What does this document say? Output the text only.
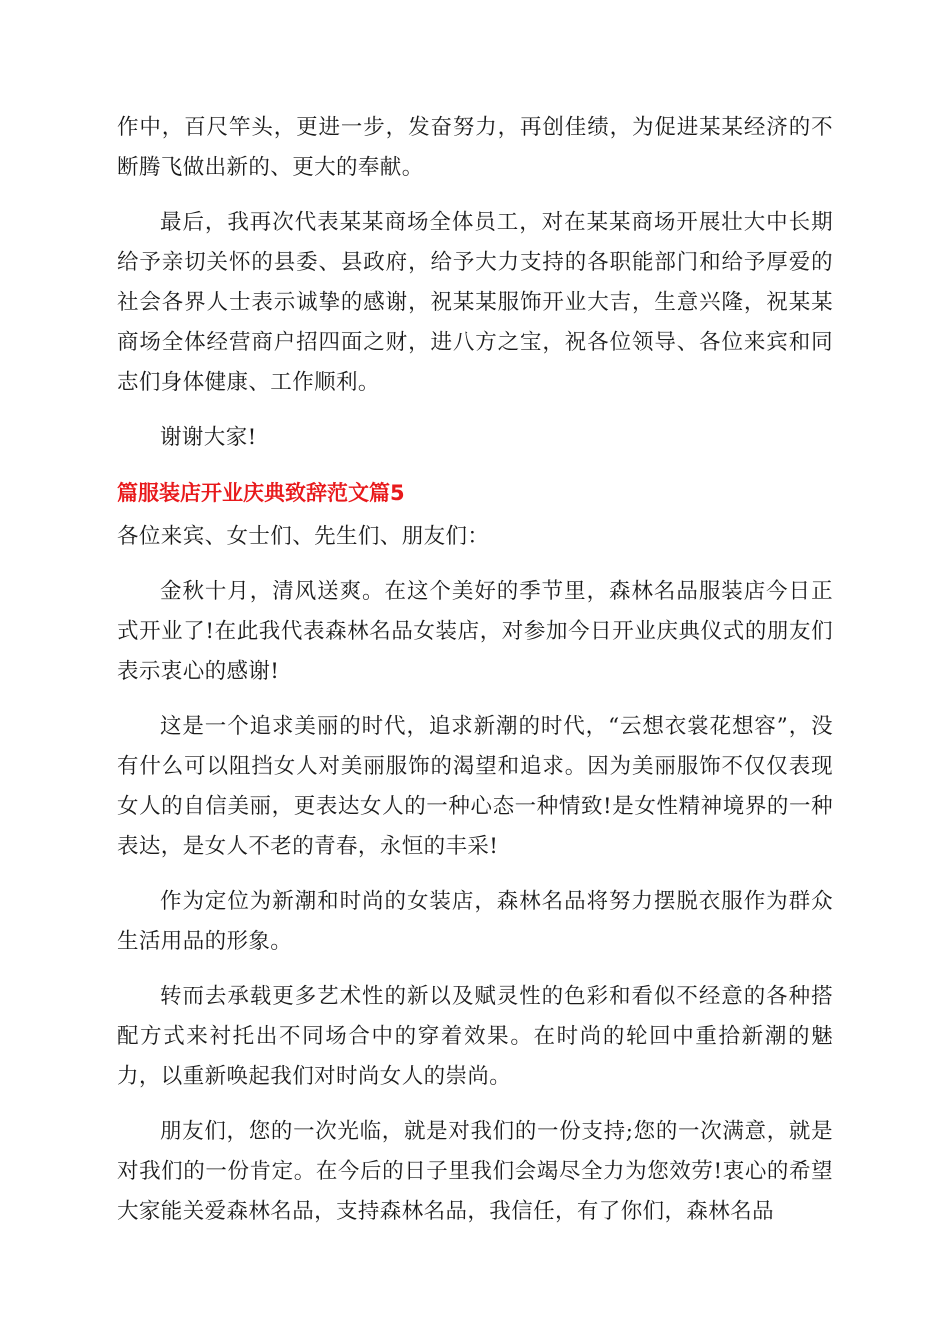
作中，百尺竿头，更进一步，发奋努力，再创佳绩，为促进某某经济的不断腾飞做出新的、更大的奉献。

最后，我再次代表某某商场全体员工，对在某某商场开展壮大中长期给予亲切关怀的县委、县政府，给予大力支持的各职能部门和给予厚爱的社会各界人士表示诚挚的感谢，祝某某服饰开业大吉，生意兴隆，祝某某商场全体经营商户招四面之财，进八方之宝，祝各位领导、各位来宾和同志们身体健康、工作顺利。

谢谢大家!

篇服装店开业庆典致辞范文篇5

各位来宾、女士们、先生们、朋友们：

金秋十月，清风送爽。在这个美好的季节里，森林名品服装店今日正式开业了!在此我代表森林名品女装店，对参加今日开业庆典仪式的朋友们表示衷心的感谢!

这是一个追求美丽的时代，追求新潮的时代，“云想衣裳花想容”，没有什么可以阻挡女人对美丽服饰的渴望和追求。因为美丽服饰不仅仅表现女人的自信美丽，更表达女人的一种心态一种情致!是女性精神境界的一种表达，是女人不老的青春，永恒的丰采!

作为定位为新潮和时尚的女装店，森林名品将努力摆脱衣服作为群众生活用品的形象。

转而去承载更多艺术性的新以及赋灵性的色彩和看似不经意的各种搭配方式来衬托出不同场合中的穿着效果。在时尚的轮回中重拾新潮的魅力，以重新唤起我们对时尚女人的崇尚。

朋友们，您的一次光临，就是对我们的一份支持;您的一次满意，就是对我们的一份肯定。在今后的日子里我们会竭尽全力为您效劳!衷心的希望大家能关爱森林名品，支持森林名品，我信任，有了你们，森林名品
